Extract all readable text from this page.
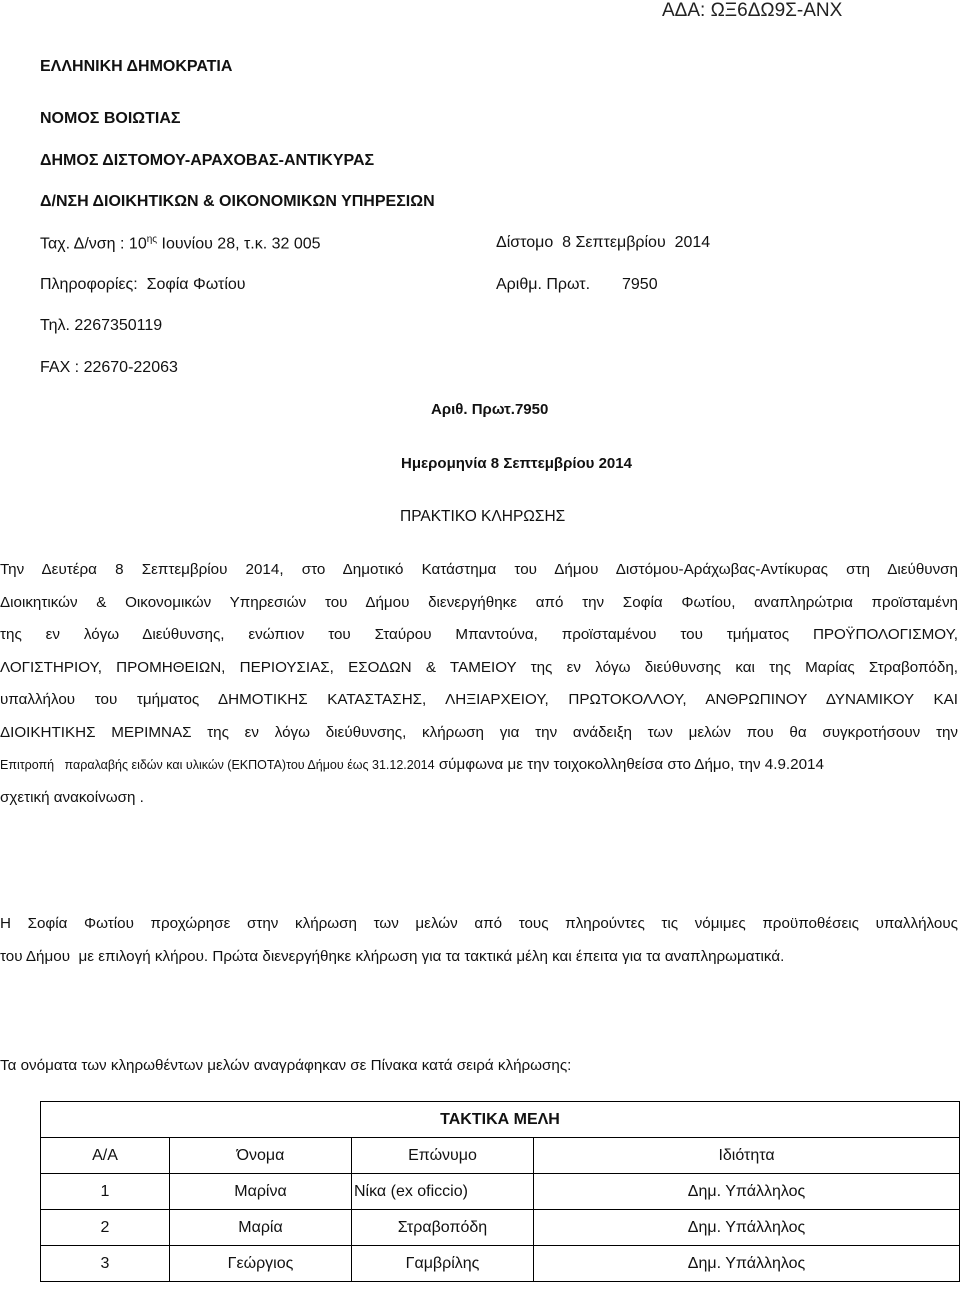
ΑΔΑ: ΩΞ6ΔΩ9Σ-ΑΝΧ
ΕΛΛΗΝΙΚΗ ΔΗΜΟΚΡΑΤΙΑ
ΝΟΜΟΣ ΒΟΙΩΤΙΑΣ
ΔΗΜΟΣ ΔΙΣΤΟΜΟΥ-ΑΡΑΧΟΒΑΣ-ΑΝΤΙΚΥΡΑΣ
Δ/ΝΣΗ ΔΙΟΙΚΗΤΙΚΩΝ & ΟΙΚΟΝΟΜΙΚΩΝ ΥΠΗΡΕΣΙΩΝ
Ταχ. Δ/νση : $10^{\eta\varsigma}$ Ιουνίου 28, τ.κ. 32 005	Δίστομο  8 Σεπτεμβρίου  2014
Πληροφορίες:  Σοφία Φωτίου	Αριθμ. Πρωτ. 7950
Τηλ. 2267350119
FAX : 22670-22063
Αριθ. Πρωτ.7950
Ημερομηνία 8 Σεπτεμβρίου 2014
ΠΡΑΚΤΙΚΟ ΚΛΗΡΩΣΗΣ
Την Δευτέρα 8 Σεπτεμβρίου 2014, στο Δημοτικό Κατάστημα του Δήμου Διστόμου-Αράχωβας-Αντίκυρας στη Διεύθυνση
Διοικητικών & Οικονομικών Υπηρεσιών του Δήμου διενεργήθηκε από την Σοφία Φωτίου, αναπληρώτρια προϊσταμένη
της εν λόγω Διεύθυνσης, ενώπιον του Σταύρου Μπαντούνα, προϊσταμένου του τμήματος ΠΡΟΫΠΟΛΟΓΙΣΜΟΥ,
ΛΟΓΙΣΤΗΡΙΟΥ, ΠΡΟΜΗΘΕΙΩΝ, ΠΕΡΙΟΥΣΙΑΣ, ΕΣΟΔΩΝ & ΤΑΜΕΙΟΥ της εν λόγω διεύθυνσης και της Μαρίας Στραβοπόδη,
υπαλλήλου του τμήματος ΔΗΜΟΤΙΚΗΣ ΚΑΤΑΣΤΑΣΗΣ, ΛΗΞΙΑΡΧΕΙΟΥ, ΠΡΩΤΟΚΟΛΛΟΥ, ΑΝΘΡΩΠΙΝΟΥ ΔΥΝΑΜΙΚΟΥ ΚΑΙ
ΔΙΟΙΚΗΤΙΚΗΣ ΜΕΡΙΜΝΑΣ της εν λόγω διεύθυνσης, κλήρωση για την ανάδειξη των μελών που θα συγκροτήσουν την
Επιτροπή   παραλαβής ειδών και υλικών (ΕΚΠΟΤΑ)του Δήμου έως 31.12.2014 σύμφωνα με την τοιχοκολληθείσα στο Δήμο, την 4.9.2014
σχετική ανακοίνωση .
Η Σοφία Φωτίου προχώρησε στην κλήρωση των μελών από τους πληρούντες τις νόμιμες προϋποθέσεις υπαλλήλους
του Δήμου  με επιλογή κλήρου. Πρώτα διενεργήθηκε κλήρωση για τα τακτικά μέλη και έπειτα για τα αναπληρωματικά.
Τα ονόματα των κληρωθέντων μελών αναγράφηκαν σε Πίνακα κατά σειρά κλήρωσης:
ΤΑΚΤΙΚΑ ΜΕΛΗ			
Α/Α	Όνομα	Επώνυμο	Ιδιότητα
1	Μαρίνα	Νίκα (ex oficcio)	Δημ. Υπάλληλος
2	Μαρία	Στραβοπόδη	Δημ. Υπάλληλος
3	Γεώργιος	Γαμβρίλης	Δημ. Υπάλληλος
